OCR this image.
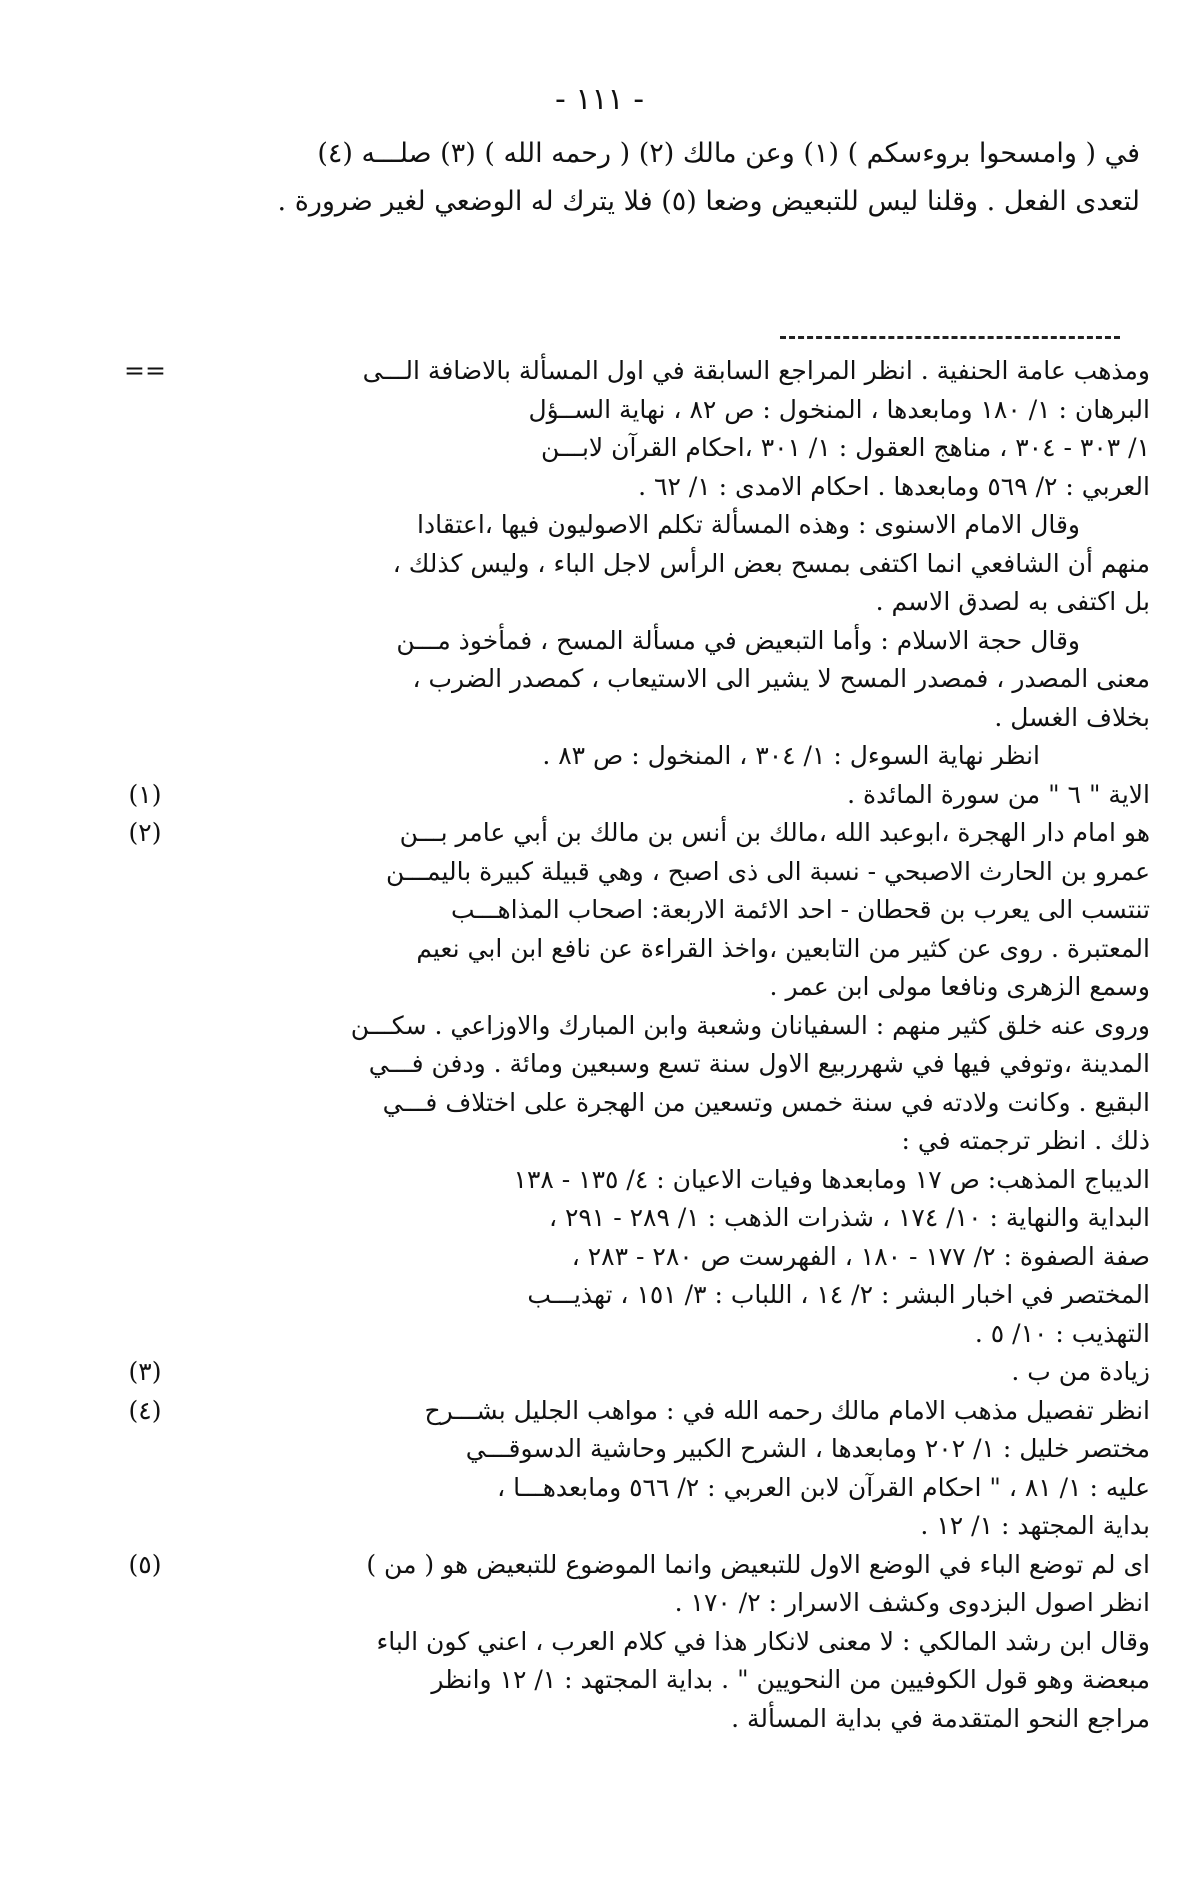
- ١١١ -
في ( وامسحوا بروءسكم ) (١) وعن مالك (٢) ( رحمه الله ) (٣) صلـــه (٤)
لتعدى الفعل . وقلنا ليس للتبعيض وضعا (٥) فلا يترك له الوضعي لغير ضرورة .
ومذهب عامة الحنفية . انظر المراجع السابقة في اول المسألة بالاضافة الـــى
البرهان : ١/ ١٨٠ ومابعدها ، المنخول : ص ٨٢ ، نهاية الســؤل
١/ ٣٠٣ - ٣٠٤ ، مناهج العقول : ١/ ٣٠١ ،احكام القرآن لابـــن
العربي : ٢/ ٥٦٩ ومابعدها . احكام الامدى : ١/ ٦٢ .
وقال الامام الاسنوى : وهذه المسألة تكلم الاصوليون فيها ،اعتقادا
منهم أن الشافعي انما اكتفى بمسح بعض الرأس لاجل الباء ، وليس كذلك ،
بل اكتفى به لصدق الاسم .
وقال حجة الاسلام : وأما التبعيض في مسألة المسح ، فمأخوذ مـــن
معنى المصدر ، فمصدر المسح لا يشير الى الاستيعاب ، كمصدر الضرب ،
بخلاف الغسل .
انظر نهاية السوءل : ١/ ٣٠٤ ، المنخول : ص ٨٣ .
==
الاية " ٦ " من سورة المائدة .
(١)
هو امام دار الهجرة ،ابوعبد الله ،مالك بن أنس بن مالك بن أبي عامر بـــن
عمرو بن الحارث الاصبحي - نسبة الى ذى اصبح ، وهي قبيلة كبيرة باليمـــن
تنتسب الى يعرب بن قحطان - احد الائمة الاربعة: اصحاب المذاهـــب
المعتبرة . روى عن كثير من التابعين ،واخذ القراءة عن نافع ابن ابي نعيم
وسمع الزهرى ونافعا مولى ابن عمر .
وروى عنه خلق كثير منهم : السفيانان وشعبة وابن المبارك والاوزاعي . سكـــن
المدينة ،وتوفي فيها في شهرربيع الاول سنة تسع وسبعين ومائة . ودفن فـــي
البقيع . وكانت ولادته في سنة خمس وتسعين من الهجرة على اختلاف فـــي
ذلك . انظر ترجمته في :
الديباج المذهب: ص ١٧ ومابعدها وفيات الاعيان : ٤/ ١٣٥ - ١٣٨
البداية والنهاية : ١٠/ ١٧٤ ، شذرات الذهب : ١/ ٢٨٩ - ٢٩١ ،
صفة الصفوة : ٢/ ١٧٧ - ١٨٠ ، الفهرست ص ٢٨٠ - ٢٨٣ ،
المختصر في اخبار البشر : ٢/ ١٤ ، اللباب : ٣/ ١٥١ ، تهذيـــب
التهذيب : ١٠/ ٥ .
(٢)
زيادة من ب .
(٣)
انظر تفصيل مذهب الامام مالك رحمه الله في : مواهب الجليل بشـــرح
مختصر خليل : ١/ ٢٠٢ ومابعدها ، الشرح الكبير وحاشية الدسوقـــي
عليه : ١/ ٨١ ، " احكام القرآن لابن العربي : ٢/ ٥٦٦ ومابعدهـــا ،
بداية المجتهد : ١/ ١٢ .
(٤)
اى لم توضع الباء في الوضع الاول للتبعيض وانما الموضوع للتبعيض هو ( من )
انظر اصول البزدوى وكشف الاسرار : ٢/ ١٧٠ .
وقال ابن رشد المالكي : لا معنى لانكار هذا في كلام العرب ، اعني كون الباء
مبعضة وهو قول الكوفيين من النحويين " . بداية المجتهد : ١/ ١٢ وانظر
مراجع النحو المتقدمة في بداية المسألة .
(٥)
